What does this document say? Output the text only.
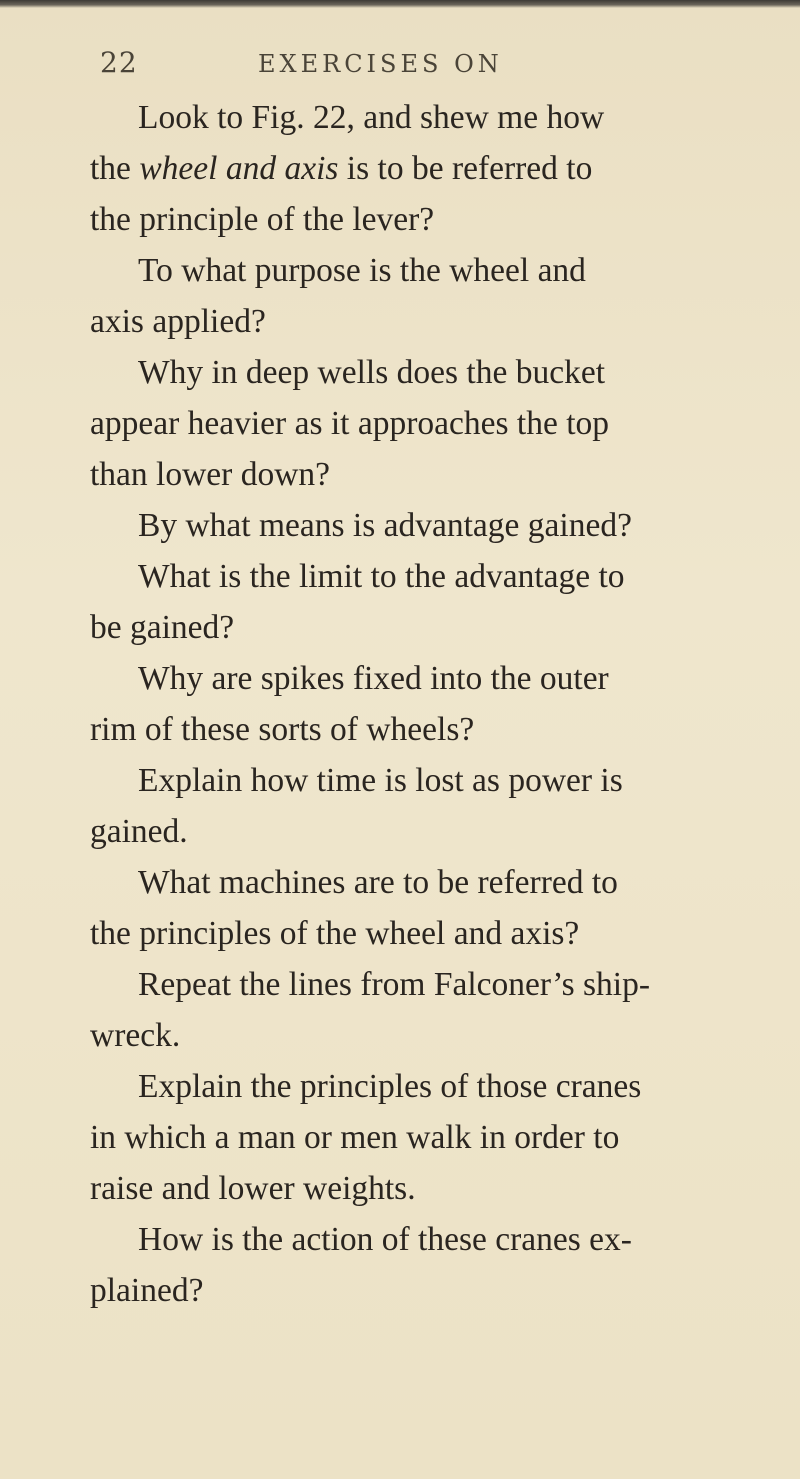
22	EXERCISES ON
Look to Fig. 22, and shew me how
the wheel and axis is to be referred to
the principle of the lever?
To what purpose is the wheel and
axis applied?
Why in deep wells does the bucket
appear heavier as it approaches the top
than lower down?
By what means is advantage gained?
What is the limit to the advantage to
be gained?
Why are spikes fixed into the outer
rim of these sorts of wheels?
Explain how time is lost as power is
gained.
What machines are to be referred to
the principles of the wheel and axis?
Repeat the lines from Falconer’s ship-
wreck.
Explain the principles of those cranes
in which a man or men walk in order to
raise and lower weights.
How is the action of these cranes ex-
plained?
